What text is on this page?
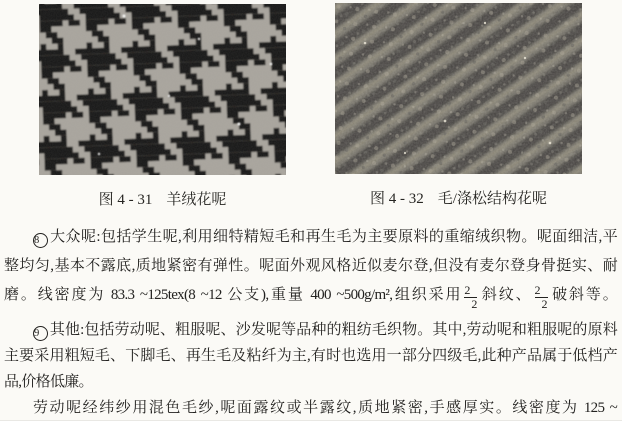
图 4 - 31 羊绒花呢	图 4 - 32 毛/涤松结构花呢
8 大众呢:包括学生呢,利用细特精短毛和再生毛为主要原料的重缩绒织物。呢面细洁,平
整均匀,基本不露底,质地紧密有弹性。呢面外观风格近似麦尔登,但没有麦尔登身骨挺实、耐
磨。线密度为 83.3 ~125tex(8 ~12 公支),重量 400 ~500g/m²,组织采用 $\frac{2}{2}$ 斜纹、 $\frac{2}{2}$ 破斜等。
9 其他:包括劳动呢、粗服呢、沙发呢等品种的粗纺毛织物。其中,劳动呢和粗服呢的原料
主要采用粗短毛、下脚毛、再生毛及粘纤为主,有时也选用一部分四级毛,此种产品属于低档产
品,价格低廉。
劳动呢经纬纱用混色毛纱,呢面露纹或半露纹,质地紧密,手感厚实。线密度为 125 ~
